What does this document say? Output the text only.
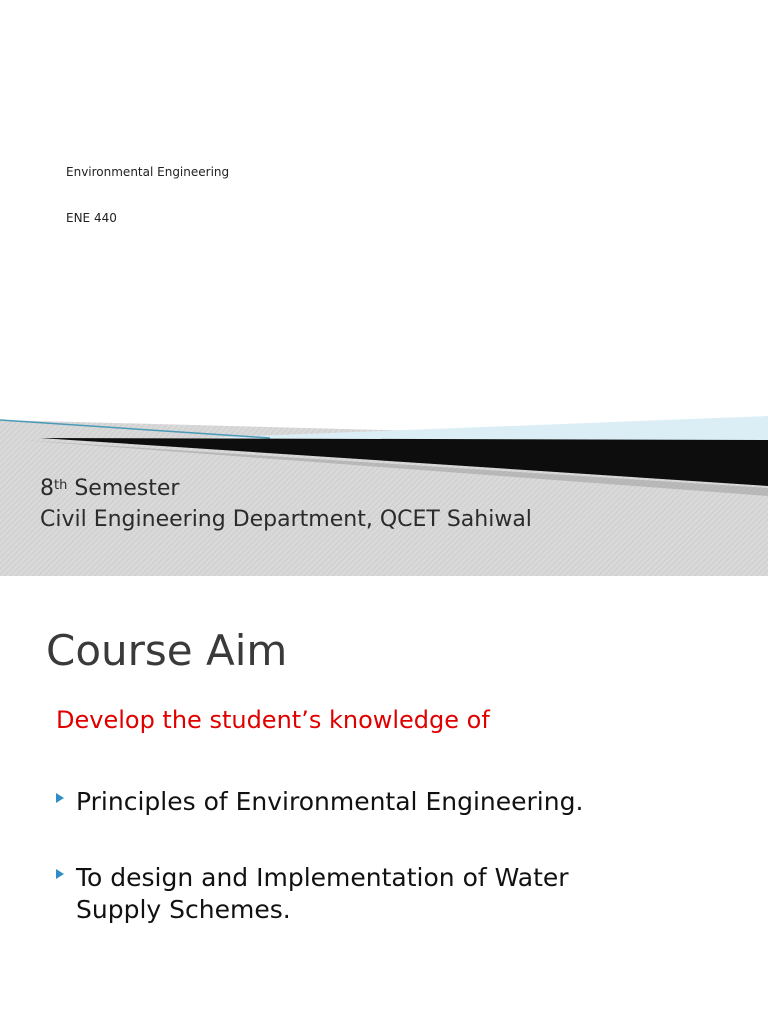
Environmental Engineering
ENE 440
8th Semester
Civil Engineering Department, QCET Sahiwal
Course Aim
Develop the student’s knowledge of
Principles of Environmental Engineering.
To design and Implementation of Water
Supply Schemes.
